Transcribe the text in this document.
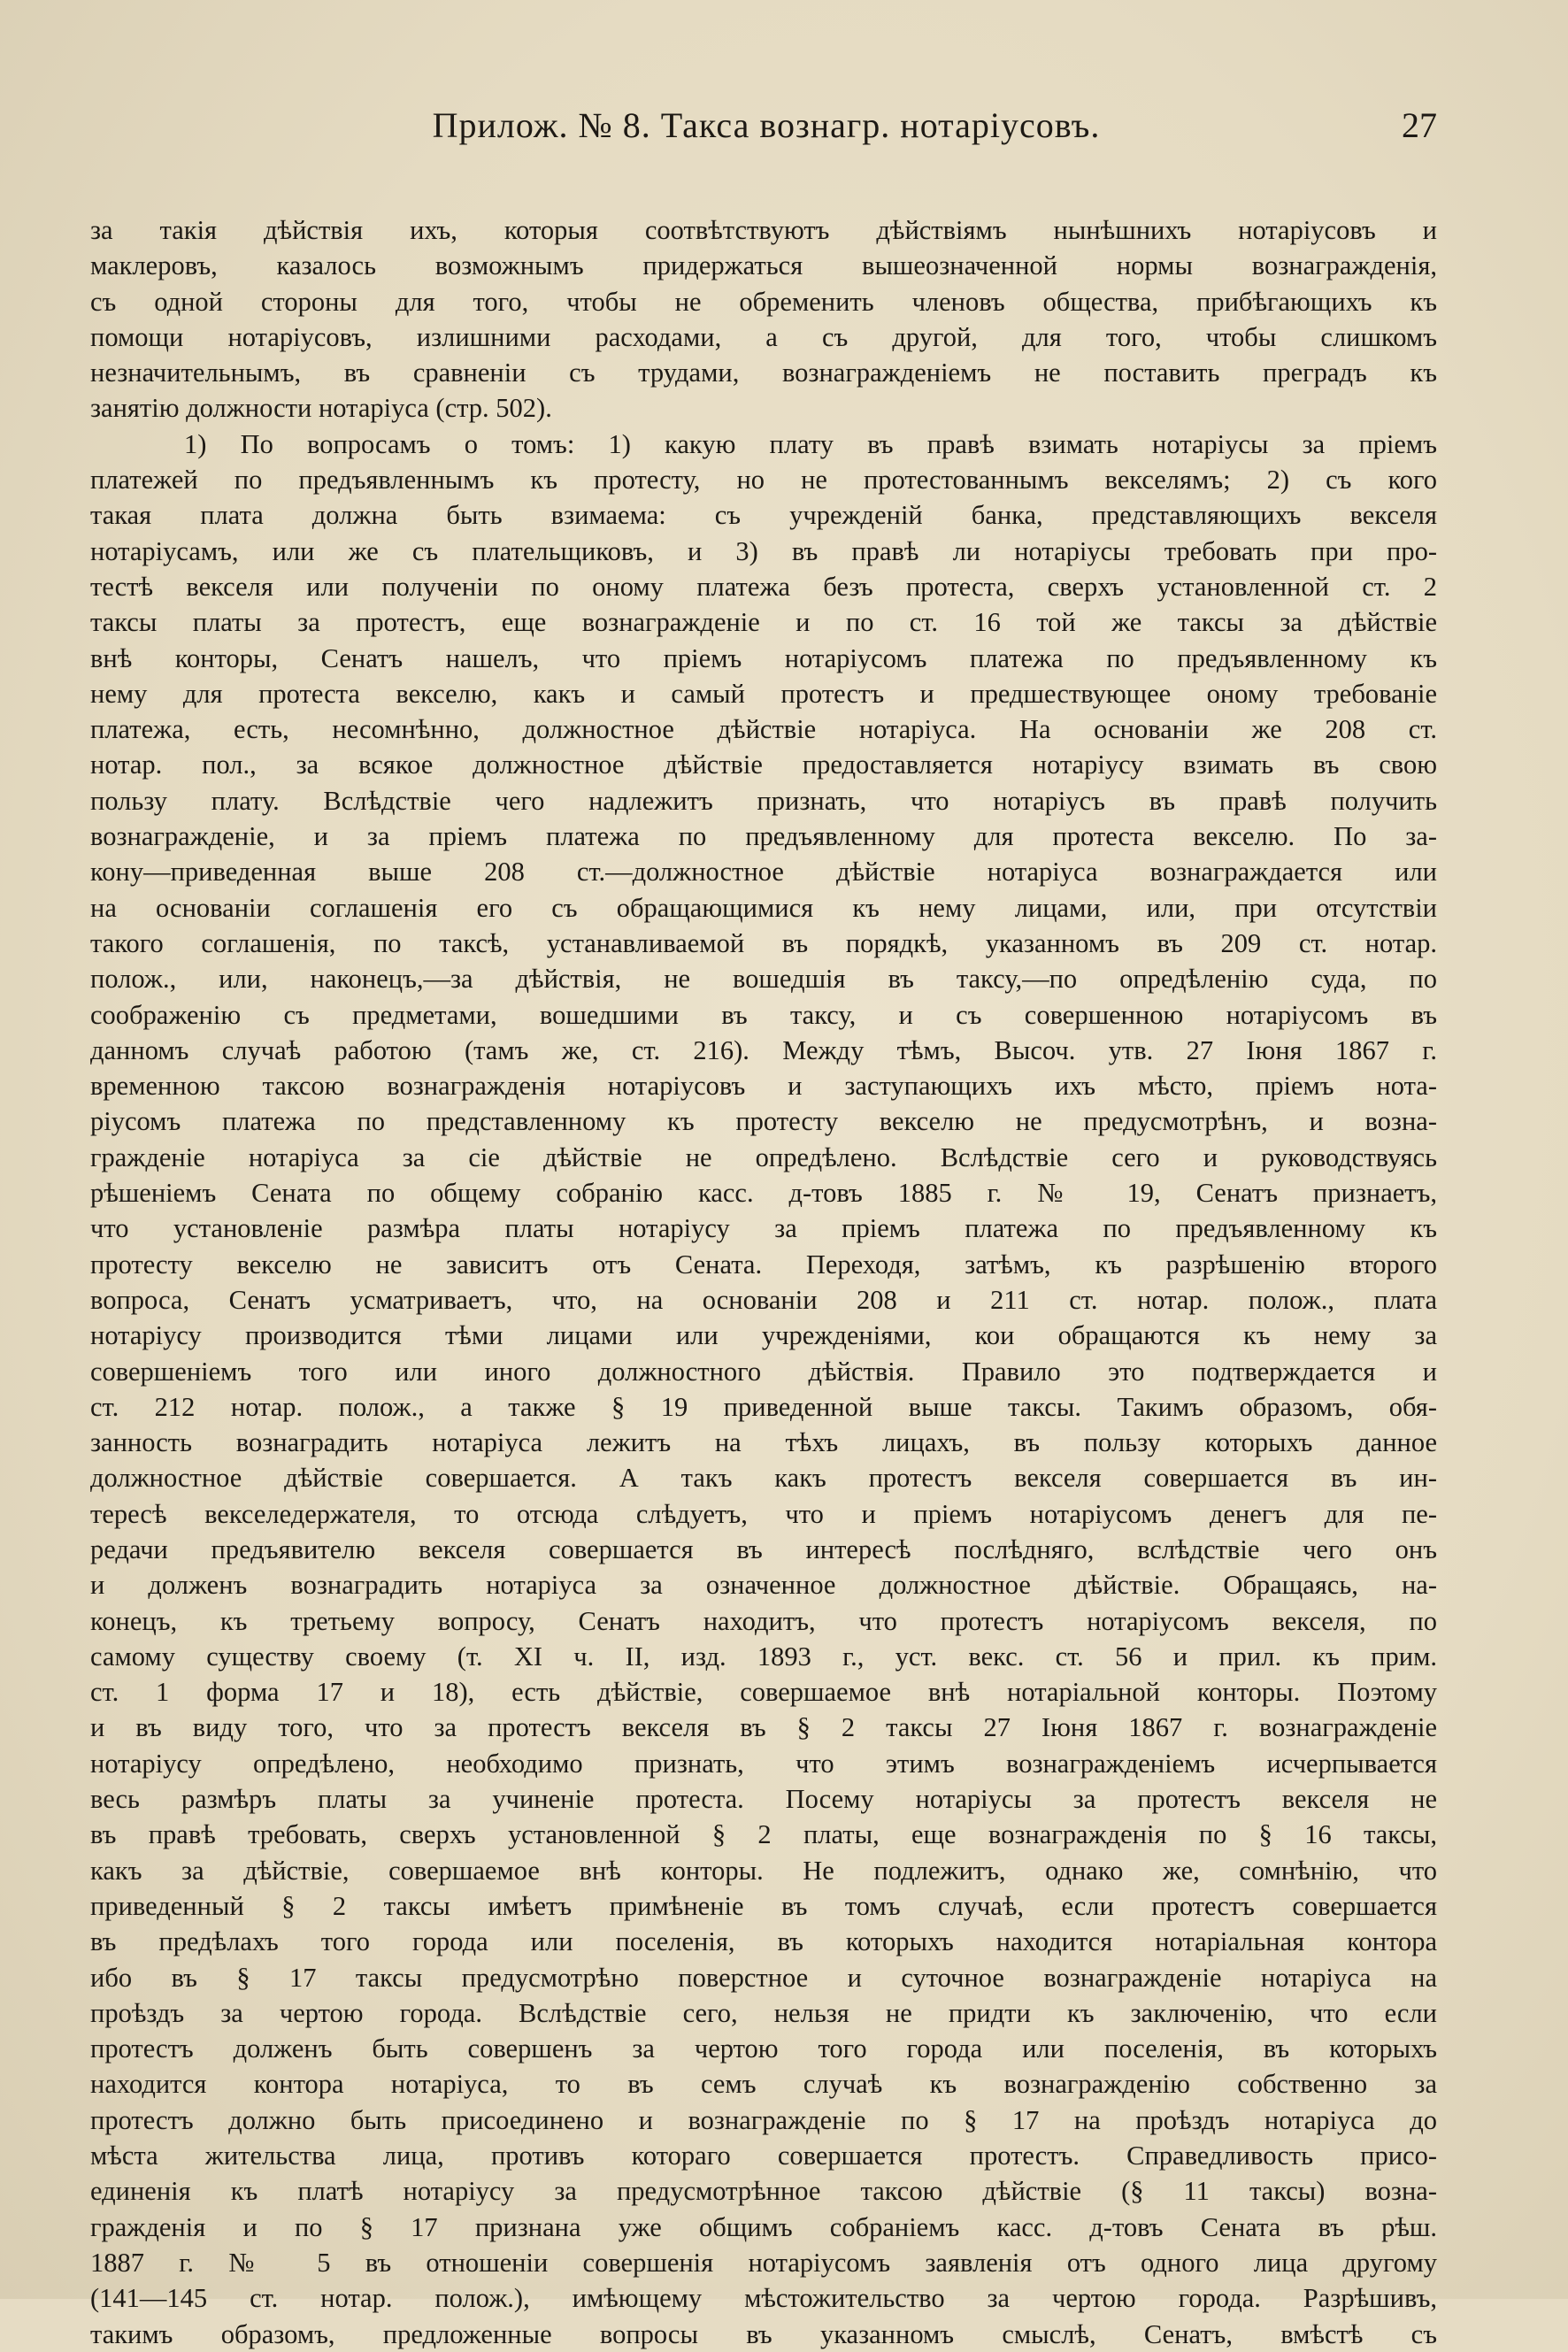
Прилож. № 8. Такса вознагр. нотаріусовъ.	27
за такія дѣйствія ихъ, которыя соотвѣтствуютъ дѣйствіямъ нынѣшнихъ нотаріусовъ и
маклеровъ, казалось возможнымъ придержаться вышеозначенной нормы вознагражденія,
съ одной стороны для того, чтобы не обременить членовъ общества, прибѣгающихъ къ
помощи нотаріусовъ, излишними расходами, а съ другой, для того, чтобы слишкомъ
незначительнымъ, въ сравненіи съ трудами, вознагражденіемъ не поставить преградъ къ
занятію должности нотаріуса (стр. 502).
1) По вопросамъ о томъ: 1) какую плату въ правѣ взимать нотаріусы за пріемъ
платежей по предъявленнымъ къ протесту, но не протестованнымъ векселямъ; 2) съ кого
такая плата должна быть взимаема: съ учрежденій банка, представляющихъ векселя
нотаріусамъ, или же съ плательщиковъ, и 3) въ правѣ ли нотаріусы требовать при про-
тестѣ векселя или полученіи по оному платежа безъ протеста, сверхъ установленной ст. 2
таксы платы за протестъ, еще вознагражденіе и по ст. 16 той же таксы за дѣйствіе
внѣ конторы, Сенатъ нашелъ, что пріемъ нотаріусомъ платежа по предъявленному къ
нему для протеста векселю, какъ и самый протестъ и предшествующее оному требованіе
платежа, есть, несомнѣнно, должностное дѣйствіе нотаріуса. На основаніи же 208 ст.
нотар. пол., за всякое должностное дѣйствіе предоставляется нотаріусу взимать въ свою
пользу плату. Вслѣдствіе чего надлежитъ признать, что нотаріусъ въ правѣ получить
вознагражденіе, и за пріемъ платежа по предъявленному для протеста векселю. По за-
кону—приведенная выше 208 ст.—должностное дѣйствіе нотаріуса вознаграждается или
на основаніи соглашенія его съ обращающимися къ нему лицами, или, при отсутствіи
такого соглашенія, по таксѣ, устанавливаемой въ порядкѣ, указанномъ въ 209 ст. нотар.
полож., или, наконецъ,—за дѣйствія, не вошедшія въ таксу,—по опредѣленію суда, по
соображенію съ предметами, вошедшими въ таксу, и съ совершенною нотаріусомъ въ
данномъ случаѣ работою (тамъ же, ст. 216). Между тѣмъ, Высоч. утв. 27 Іюня 1867 г.
временною таксою вознагражденія нотаріусовъ и заступающихъ ихъ мѣсто, пріемъ нота-
ріусомъ платежа по представленному къ протесту векселю не предусмотрѣнъ, и возна-
гражденіе нотаріуса за сіе дѣйствіе не опредѣлено. Вслѣдствіе сего и руководствуясь
рѣшеніемъ Сената по общему собранію касс. д-товъ 1885 г. № 19, Сенатъ признаетъ,
что установленіе размѣра платы нотаріусу за пріемъ платежа по предъявленному къ
протесту векселю не зависитъ отъ Сената. Переходя, затѣмъ, къ разрѣшенію второго
вопроса, Сенатъ усматриваетъ, что, на основаніи 208 и 211 ст. нотар. полож., плата
нотаріусу производится тѣми лицами или учрежденіями, кои обращаются къ нему за
совершеніемъ того или иного должностного дѣйствія. Правило это подтверждается и
ст. 212 нотар. полож., а также § 19 приведенной выше таксы. Такимъ образомъ, обя-
занность вознаградить нотаріуса лежитъ на тѣхъ лицахъ, въ пользу которыхъ данное
должностное дѣйствіе совершается. А такъ какъ протестъ векселя совершается въ ин-
тересѣ векселедержателя, то отсюда слѣдуетъ, что и пріемъ нотаріусомъ денегъ для пе-
редачи предъявителю векселя совершается въ интересѣ послѣдняго, вслѣдствіе чего онъ
и долженъ вознаградить нотаріуса за означенное должностное дѣйствіе. Обращаясь, на-
конецъ, къ третьему вопросу, Сенатъ находитъ, что протестъ нотаріусомъ векселя, по
самому существу своему (т. XI ч. II, изд. 1893 г., уст. векс. ст. 56 и прил. къ прим.
ст. 1 форма 17 и 18), есть дѣйствіе, совершаемое внѣ нотаріальной конторы. Поэтому
и въ виду того, что за протестъ векселя въ § 2 таксы 27 Іюня 1867 г. вознагражденіе
нотаріусу опредѣлено, необходимо признать, что этимъ вознагражденіемъ исчерпывается
весь размѣръ платы за учиненіе протеста. Посему нотаріусы за протестъ векселя не
въ правѣ требовать, сверхъ установленной § 2 платы, еще вознагражденія по § 16 таксы,
какъ за дѣйствіе, совершаемое внѣ конторы. Не подлежитъ, однако же, сомнѣнію, что
приведенный § 2 таксы имѣетъ примѣненіе въ томъ случаѣ, если протестъ совершается
въ предѣлахъ того города или поселенія, въ которыхъ находится нотаріальная контора
ибо въ § 17 таксы предусмотрѣно поверстное и суточное вознагражденіе нотаріуса на
проѣздъ за чертою города. Вслѣдствіе сего, нельзя не придти къ заключенію, что если
протестъ долженъ быть совершенъ за чертою того города или поселенія, въ которыхъ
находится контора нотаріуса, то въ семъ случаѣ къ вознагражденію собственно за
протестъ должно быть присоединено и вознагражденіе по § 17 на проѣздъ нотаріуса до
мѣста жительства лица, противъ котораго совершается протестъ. Справедливость присо-
единенія къ платѣ нотаріусу за предусмотрѣнное таксою дѣйствіе (§ 11 таксы) возна-
гражденія и по § 17 признана уже общимъ собраніемъ касс. д-товъ Сената въ рѣш.
1887 г. № 5 въ отношеніи совершенія нотаріусомъ заявленія отъ одного лица другому
(141—145 ст. нотар. полож.), имѣющему мѣстожительство за чертою города. Разрѣшивъ,
такимъ образомъ, предложенные вопросы въ указанномъ смыслѣ, Сенатъ, вмѣстѣ съ
